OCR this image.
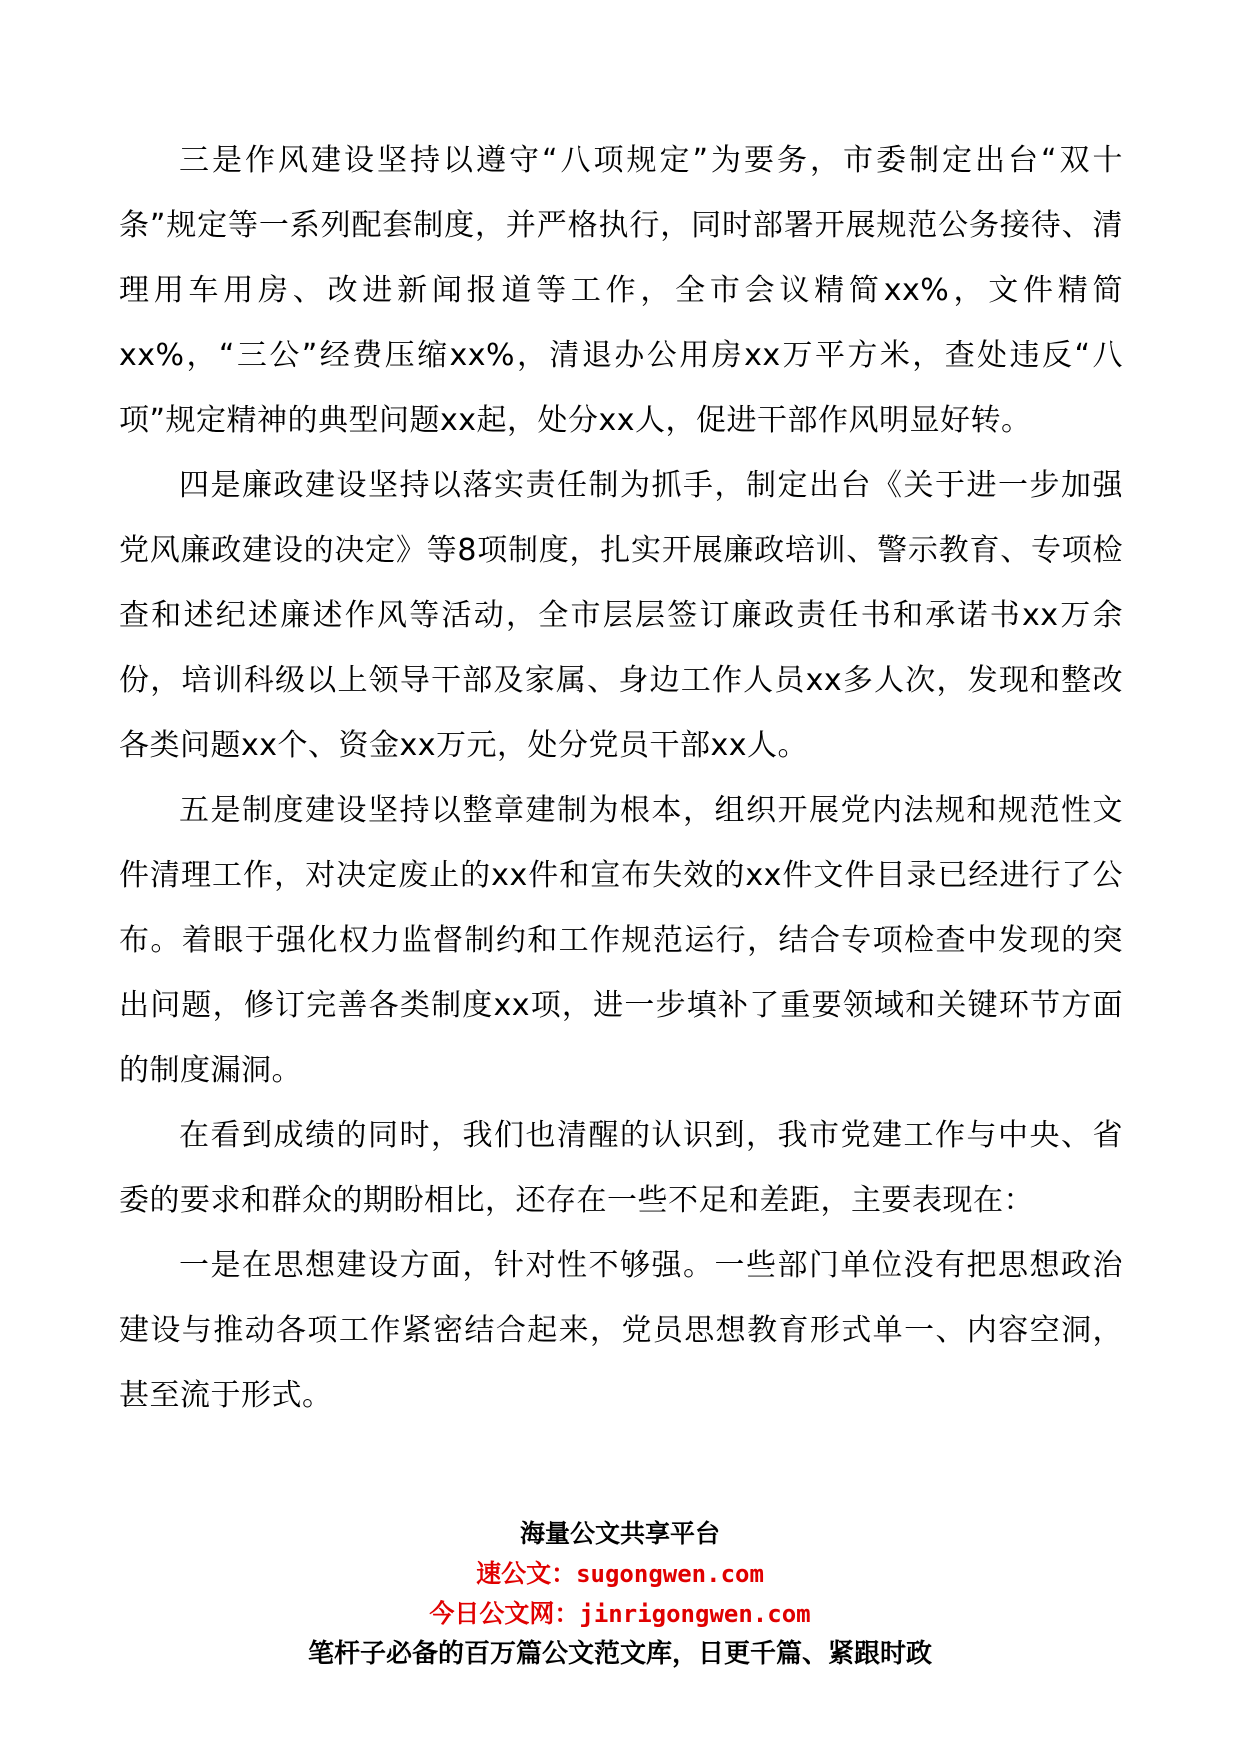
三是作风建设坚持以遵守“八项规定”为要务，市委制定出台“双十条”规定等一系列配套制度，并严格执行，同时部署开展规范公务接待、清理用车用房、改进新闻报道等工作，全市会议精简xx%，文件精简xx%，“三公”经费压缩xx%，清退办公用房xx万平方米，查处违反“八项”规定精神的典型问题xx起，处分xx人，促进干部作风明显好转。

四是廉政建设坚持以落实责任制为抓手，制定出台《关于进一步加强党风廉政建设的决定》等8项制度，扎实开展廉政培训、警示教育、专项检查和述纪述廉述作风等活动，全市层层签订廉政责任书和承诺书xx万余份，培训科级以上领导干部及家属、身边工作人员xx多人次，发现和整改各类问题xx个、资金xx万元，处分党员干部xx人。

五是制度建设坚持以整章建制为根本，组织开展党内法规和规范性文件清理工作，对决定废止的xx件和宣布失效的xx件文件目录已经进行了公布。着眼于强化权力监督制约和工作规范运行，结合专项检查中发现的突出问题，修订完善各类制度xx项，进一步填补了重要领域和关键环节方面的制度漏洞。

在看到成绩的同时，我们也清醒的认识到，我市党建工作与中央、省委的要求和群众的期盼相比，还存在一些不足和差距，主要表现在：

一是在思想建设方面，针对性不够强。一些部门单位没有把思想政治建设与推动各项工作紧密结合起来，党员思想教育形式单一、内容空洞，甚至流于形式。

海量公文共享平台
速公文：sugongwen.com
今日公文网：jinrigongwen.com
笔杆子必备的百万篇公文范文库，日更千篇、紧跟时政
